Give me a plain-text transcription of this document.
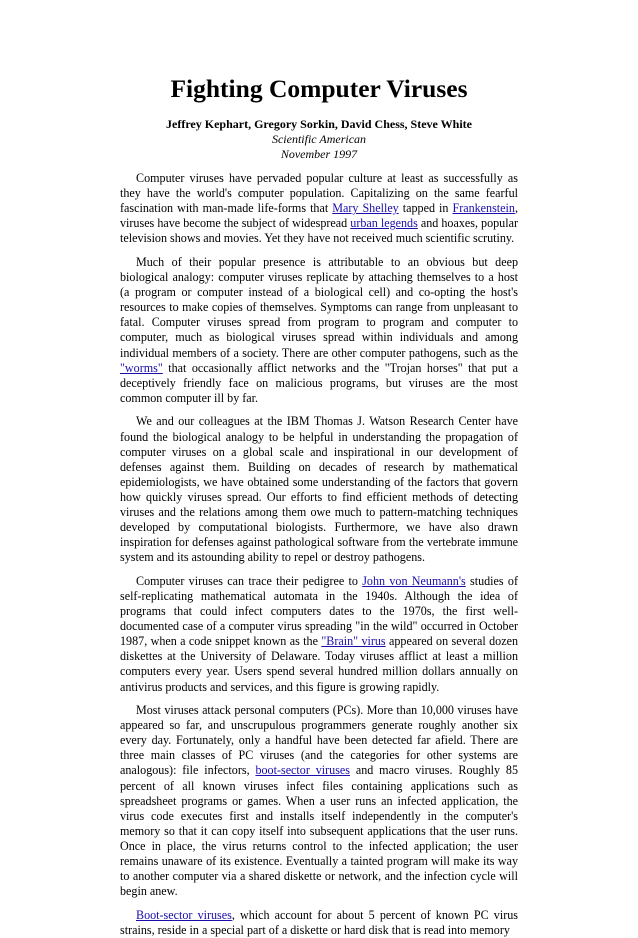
Fighting Computer Viruses
Jeffrey Kephart, Gregory Sorkin, David Chess, Steve White
Scientific American
November 1997

Computer viruses have pervaded popular culture at least as successfully as they have the world's computer population. Capitalizing on the same fearful fascination with man-made life-forms that Mary Shelley tapped in Frankenstein, viruses have become the subject of widespread urban legends and hoaxes, popular television shows and movies. Yet they have not received much scientific scrutiny.

Much of their popular presence is attributable to an obvious but deep biological analogy: computer viruses replicate by attaching themselves to a host (a program or computer instead of a biological cell) and co-opting the host's resources to make copies of themselves. Symptoms can range from unpleasant to fatal. Computer viruses spread from program to program and computer to computer, much as biological viruses spread within individuals and among individual members of a society. There are other computer pathogens, such as the "worms" that occasionally afflict networks and the "Trojan horses" that put a deceptively friendly face on malicious programs, but viruses are the most common computer ill by far.

We and our colleagues at the IBM Thomas J. Watson Research Center have found the biological analogy to be helpful in understanding the propagation of computer viruses on a global scale and inspirational in our development of defenses against them. Building on decades of research by mathematical epidemiologists, we have obtained some understanding of the factors that govern how quickly viruses spread. Our efforts to find efficient methods of detecting viruses and the relations among them owe much to pattern-matching techniques developed by computational biologists. Furthermore, we have also drawn inspiration for defenses against pathological software from the vertebrate immune system and its astounding ability to repel or destroy pathogens.

Computer viruses can trace their pedigree to John von Neumann's studies of self-replicating mathematical automata in the 1940s. Although the idea of programs that could infect computers dates to the 1970s, the first well-documented case of a computer virus spreading "in the wild" occurred in October 1987, when a code snippet known as the "Brain" virus appeared on several dozen diskettes at the University of Delaware. Today viruses afflict at least a million computers every year. Users spend several hundred million dollars annually on antivirus products and services, and this figure is growing rapidly.

Most viruses attack personal computers (PCs). More than 10,000 viruses have appeared so far, and unscrupulous programmers generate roughly another six every day. Fortunately, only a handful have been detected far afield. There are three main classes of PC viruses (and the categories for other systems are analogous): file infectors, boot-sector viruses and macro viruses. Roughly 85 percent of all known viruses infect files containing applications such as spreadsheet programs or games. When a user runs an infected application, the virus code executes first and installs itself independently in the computer's memory so that it can copy itself into subsequent applications that the user runs. Once in place, the virus returns control to the infected application; the user remains unaware of its existence. Eventually a tainted program will make its way to another computer via a shared diskette or network, and the infection cycle will begin anew.

Boot-sector viruses, which account for about 5 percent of known PC virus strains, reside in a special part of a diskette or hard disk that is read into memory
